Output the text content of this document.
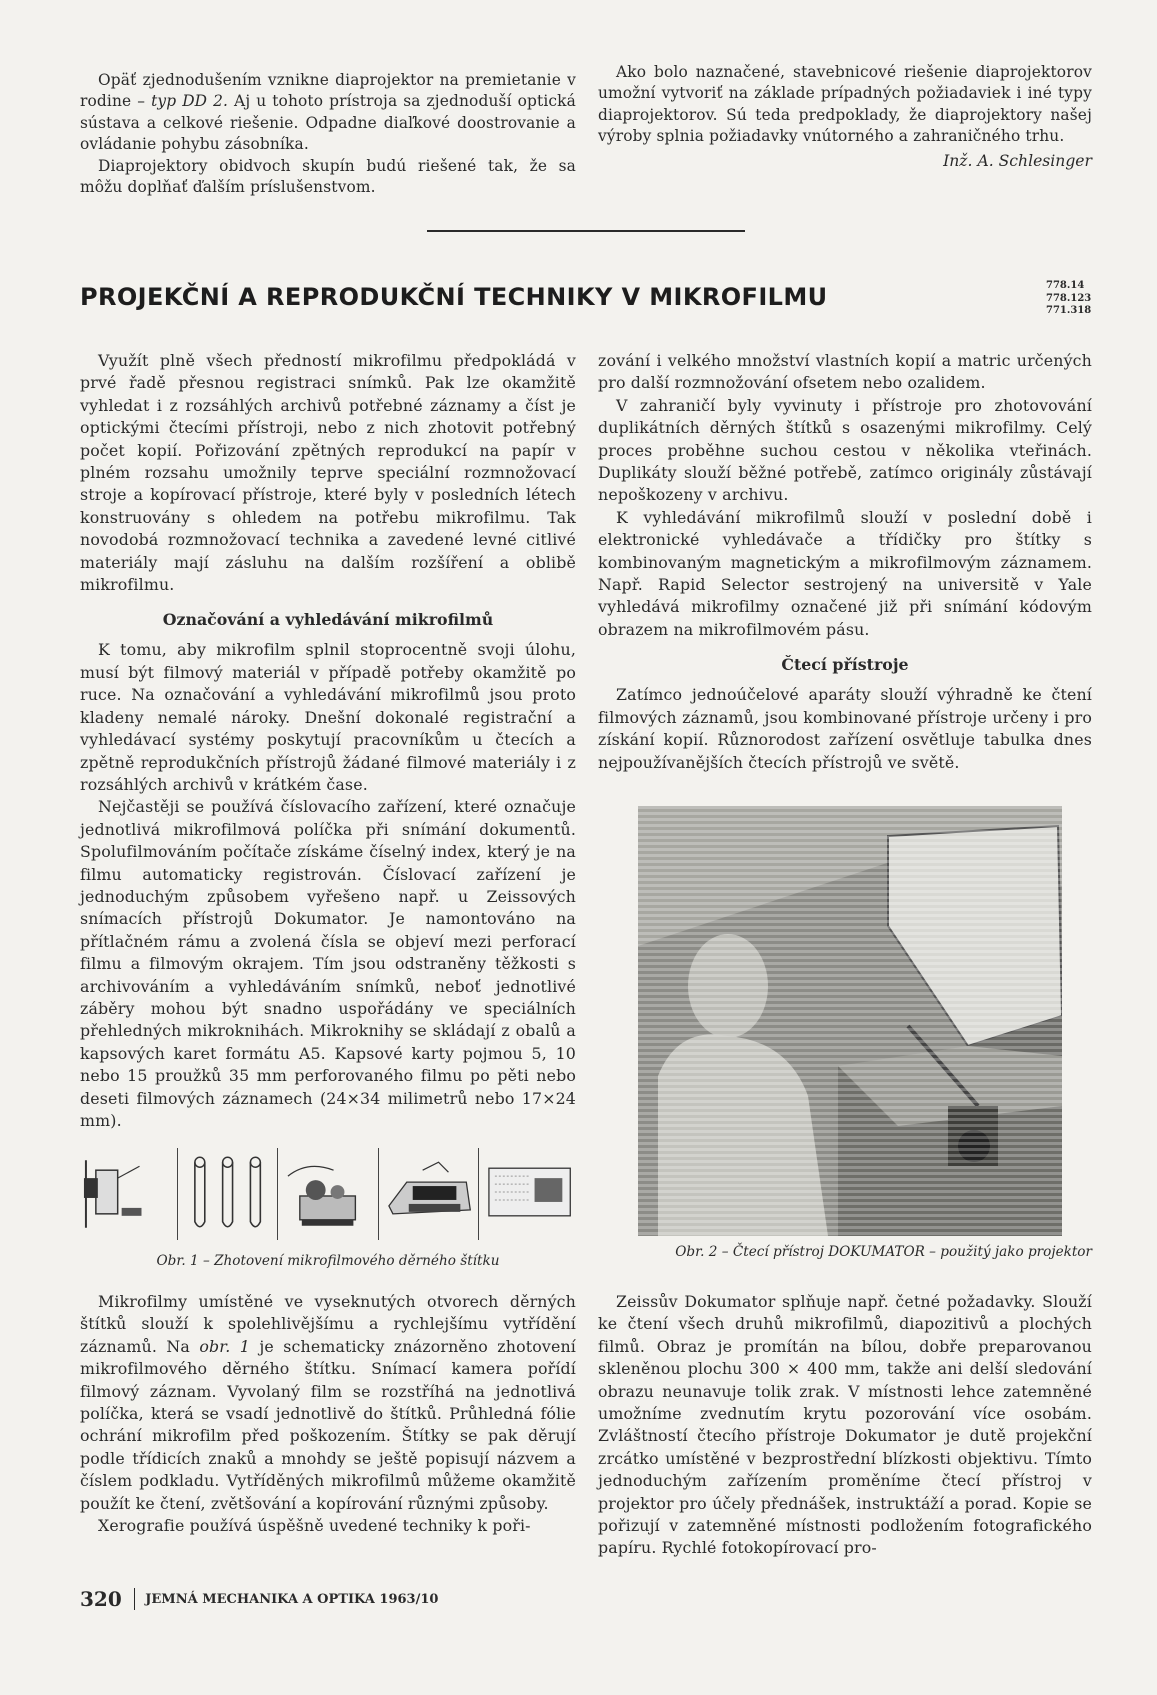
Opäť zjednodušením vznikne diaprojektor na premietanie v rodine – typ DD 2. Aj u tohoto prístroja sa zjednoduší optická sústava a celkové riešenie. Odpadne diaľkové doostrovanie a ovládanie pohybu zásobníka.

Diaprojektory obidvoch skupín budú riešené tak, že sa môžu doplňať ďalším príslušenstvom.

Ako bolo naznačené, stavebnicové riešenie diaprojektorov umožní vytvoriť na základe prípadných požiadaviek i iné typy diaprojektorov. Sú teda predpoklady, že diaprojektory našej výroby splnia požiadavky vnútorného a zahraničného trhu.

Inž. A. Schlesinger

PROJEKČNÍ A REPRODUKČNÍ TECHNIKY V MIKROFILMU	778.14
778.123
771.318

Využít plně všech předností mikrofilmu předpokládá v prvé řadě přesnou registraci snímků. Pak lze okamžitě vyhledat i z rozsáhlých archivů potřebné záznamy a číst je optickými čtecími přístroji, nebo z nich zhotovit potřebný počet kopií. Pořizování zpětných reprodukcí na papír v plném rozsahu umožnily teprve speciální rozmnožovací stroje a kopírovací přístroje, které byly v posledních létech konstruovány s ohledem na potřebu mikrofilmu. Tak novodobá rozmnožovací technika a zavedené levné citlivé materiály mají zásluhu na dalším rozšíření a oblibě mikrofilmu.

Označování a vyhledávání mikrofilmů

K tomu, aby mikrofilm splnil stoprocentně svoji úlohu, musí být filmový materiál v případě potřeby okamžitě po ruce. Na označování a vyhledávání mikrofilmů jsou proto kladeny nemalé nároky. Dnešní dokonalé registrační a vyhledávací systémy poskytují pracovníkům u čtecích a zpětně reprodukčních přístrojů žádané filmové materiály i z rozsáhlých archivů v krátkém čase.

Nejčastěji se používá číslovacího zařízení, které označuje jednotlivá mikrofilmová políčka při snímání dokumentů. Spolufilmováním počítače získáme číselný index, který je na filmu automaticky registrován. Číslovací zařízení je jednoduchým způsobem vyřešeno např. u Zeissových snímacích přístrojů Dokumator. Je namontováno na přítlačném rámu a zvolená čísla se objeví mezi perforací filmu a filmovým okrajem. Tím jsou odstraněny těžkosti s archivováním a vyhledáváním snímků, neboť jednotlivé záběry mohou být snadno uspořádány ve speciálních přehledných mikroknihách. Mikroknihy se skládají z obalů a kapsových karet formátu A5. Kapsové karty pojmou 5, 10 nebo 15 proužků 35 mm perforovaného filmu po pěti nebo deseti filmových záznamech (24×34 milimetrů nebo 17×24 mm).

zování i velkého množství vlastních kopií a matric určených pro další rozmnožování ofsetem nebo ozalidem.

V zahraničí byly vyvinuty i přístroje pro zhotovování duplikátních děrných štítků s osazenými mikrofilmy. Celý proces proběhne suchou cestou v několika vteřinách. Duplikáty slouží běžné potřebě, zatímco originály zůstávají nepoškozeny v archivu.

K vyhledávání mikrofilmů slouží v poslední době i elektronické vyhledávače a třídičky pro štítky s kombinovaným magnetickým a mikrofilmovým záznamem. Např. Rapid Selector sestrojený na universitě v Yale vyhledává mikrofilmy označené již při snímání kódovým obrazem na mikrofilmovém pásu.

Čtecí přístroje

Zatímco jednoúčelové aparáty slouží výhradně ke čtení filmových záznamů, jsou kombinované přístroje určeny i pro získání kopií. Různorodost zařízení osvětluje tabulka dnes nejpoužívanějších čtecích přístrojů ve světě.

Obr. 1 – Zhotovení mikrofilmového děrného štítku
Obr. 2 – Čtecí přístroj DOKUMATOR – použitý jako projektor

Mikrofilmy umístěné ve vyseknutých otvorech děrných štítků slouží k spolehlivějšímu a rychlejšímu vytřídění záznamů. Na obr. 1 je schematicky znázorněno zhotovení mikrofilmového děrného štítku. Snímací kamera pořídí filmový záznam. Vyvolaný film se rozstříhá na jednotlivá políčka, která se vsadí jednotlivě do štítků. Průhledná fólie ochrání mikrofilm před poškozením. Štítky se pak děrují podle třídicích znaků a mnohdy se ještě popisují názvem a číslem podkladu. Vytříděných mikrofilmů můžeme okamžitě použít ke čtení, zvětšování a kopírování různými způsoby.

Xerografie používá úspěšně uvedené techniky k poři-

Zeissův Dokumator splňuje např. četné požadavky. Slouží ke čtení všech druhů mikrofilmů, diapozitivů a plochých filmů. Obraz je promítán na bílou, dobře preparovanou skleněnou plochu 300 × 400 mm, takže ani delší sledování obrazu neunavuje tolik zrak. V místnosti lehce zatemněné umožníme zvednutím krytu pozorování více osobám. Zvláštností čtecího přístroje Dokumator je dutě projekční zrcátko umístěné v bezprostřední blízkosti objektivu. Tímto jednoduchým zařízením proměníme čtecí přístroj v projektor pro účely přednášek, instruktáží a porad. Kopie se pořizují v zatemněné místnosti podložením fotografického papíru. Rychlé fotokopírovací pro-

320 JEMNÁ MECHANIKA A OPTIKA 1963/10
